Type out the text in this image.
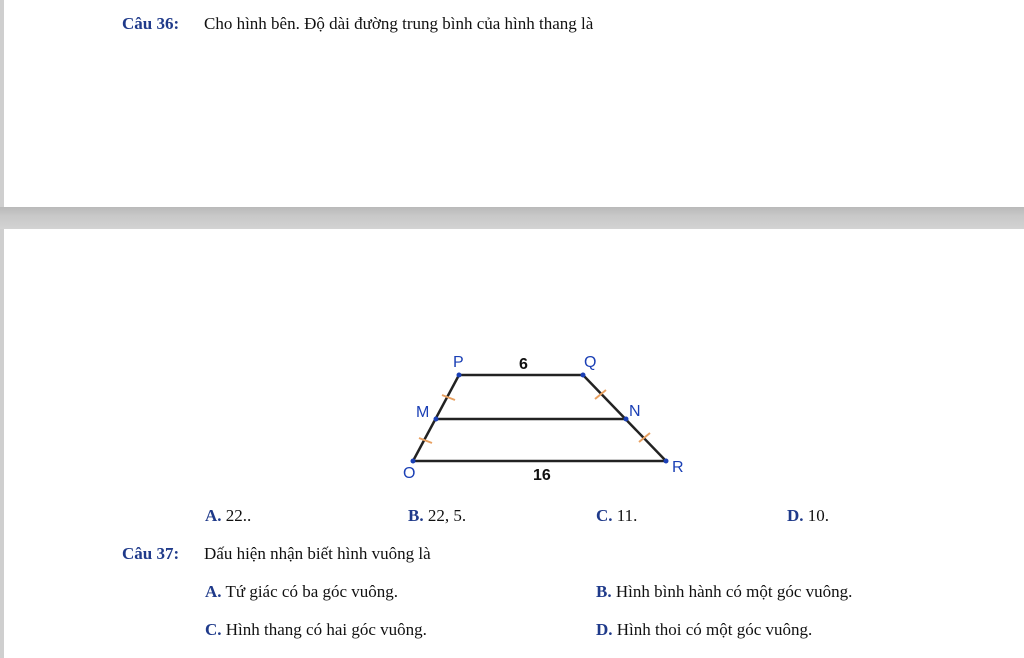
Câu 36: Cho hình bên. Độ dài đường trung bình của hình thang là
P	Q
M	N
O	R
6
16
A. 22..	B. 22, 5.	C. 11.	D. 10.
Câu 37: Dấu hiện nhận biết hình vuông là
A. Tứ giác có ba góc vuông.	B. Hình bình hành có một góc vuông.
C. Hình thang có hai góc vuông.	D. Hình thoi có một góc vuông.
